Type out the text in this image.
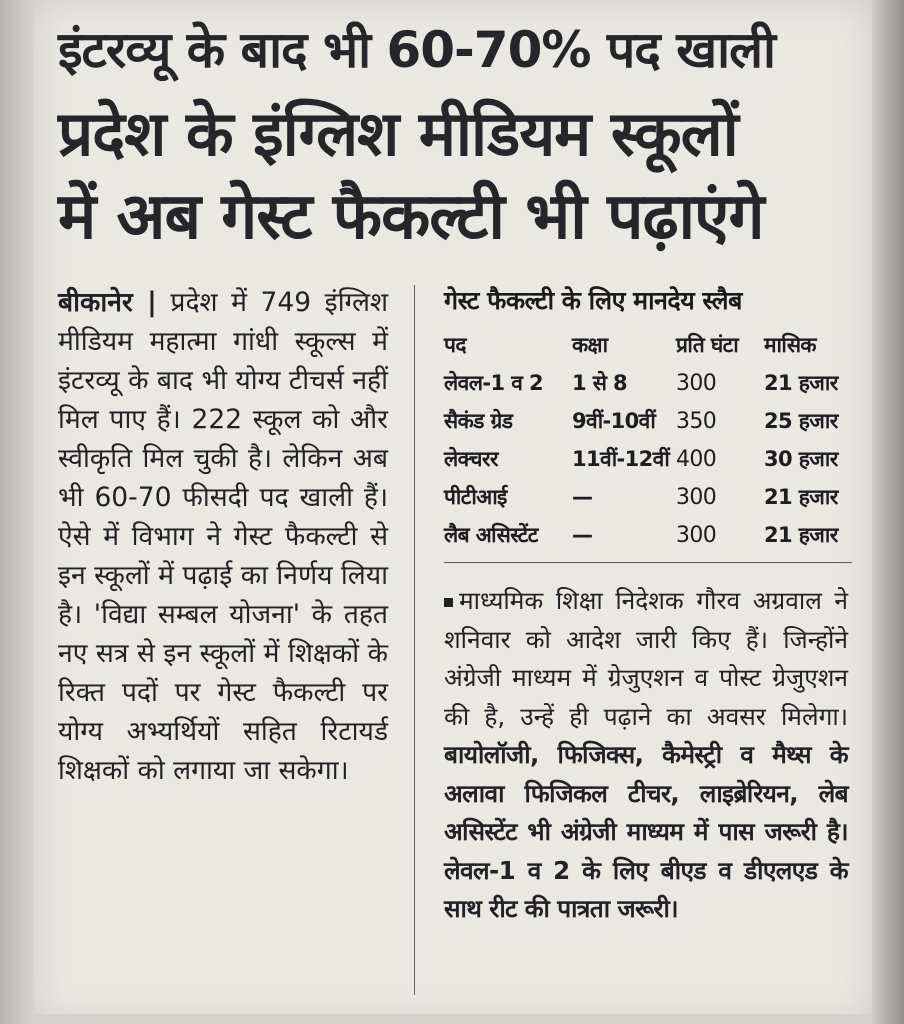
इंटरव्यू के बाद भी 60-70% पद खाली
प्रदेश के इंग्लिश मीडियम स्कूलों
में अब गेस्ट फैकल्टी भी पढ़ाएंगे
बीकानेर | प्रदेश में 749 इंग्लिश मीडियम महात्मा गांधी स्कूल्स में इंटरव्यू के बाद भी योग्य टीचर्स नहीं मिल पाए हैं। 222 स्कूल को और स्वीकृति मिल चुकी है। लेकिन अब भी 60-70 फीसदी पद खाली हैं। ऐसे में विभाग ने गेस्ट फैकल्टी से इन स्कूलों में पढ़ाई का निर्णय लिया है। 'विद्या सम्बल योजना' के तहत नए सत्र से इन स्कूलों में शिक्षकों के रिक्त पदों पर गेस्ट फैकल्टी पर योग्य अभ्यर्थियों सहित रिटायर्ड शिक्षकों को लगाया जा सकेगा।
गेस्ट फैकल्टी के लिए मानदेय स्लैब
पद	कक्षा	प्रति घंटा	मासिक
लेवल-1 व 2	1 से 8	300	21 हजार
सैकंड ग्रेड	9वीं-10वीं	350	25 हजार
लेक्चरर	11वीं-12वीं	400	30 हजार
पीटीआई	—	300	21 हजार
लैब असिस्टेंट	—	300	21 हजार
माध्यमिक शिक्षा निदेशक गौरव अग्रवाल ने शनिवार को आदेश जारी किए हैं। जिन्होंने अंग्रेजी माध्यम में ग्रेजुएशन व पोस्ट ग्रेजुएशन की है, उन्हें ही पढ़ाने का अवसर मिलेगा। बायोलॉजी, फिजिक्स, कैमेस्ट्री व मैथ्स के अलावा फिजिकल टीचर, लाइब्रेरियन, लेब असिस्टेंट भी अंग्रेजी माध्यम में पास जरूरी है। लेवल-1 व 2 के लिए बीएड व डीएलएड के साथ रीट की पात्रता जरूरी।
